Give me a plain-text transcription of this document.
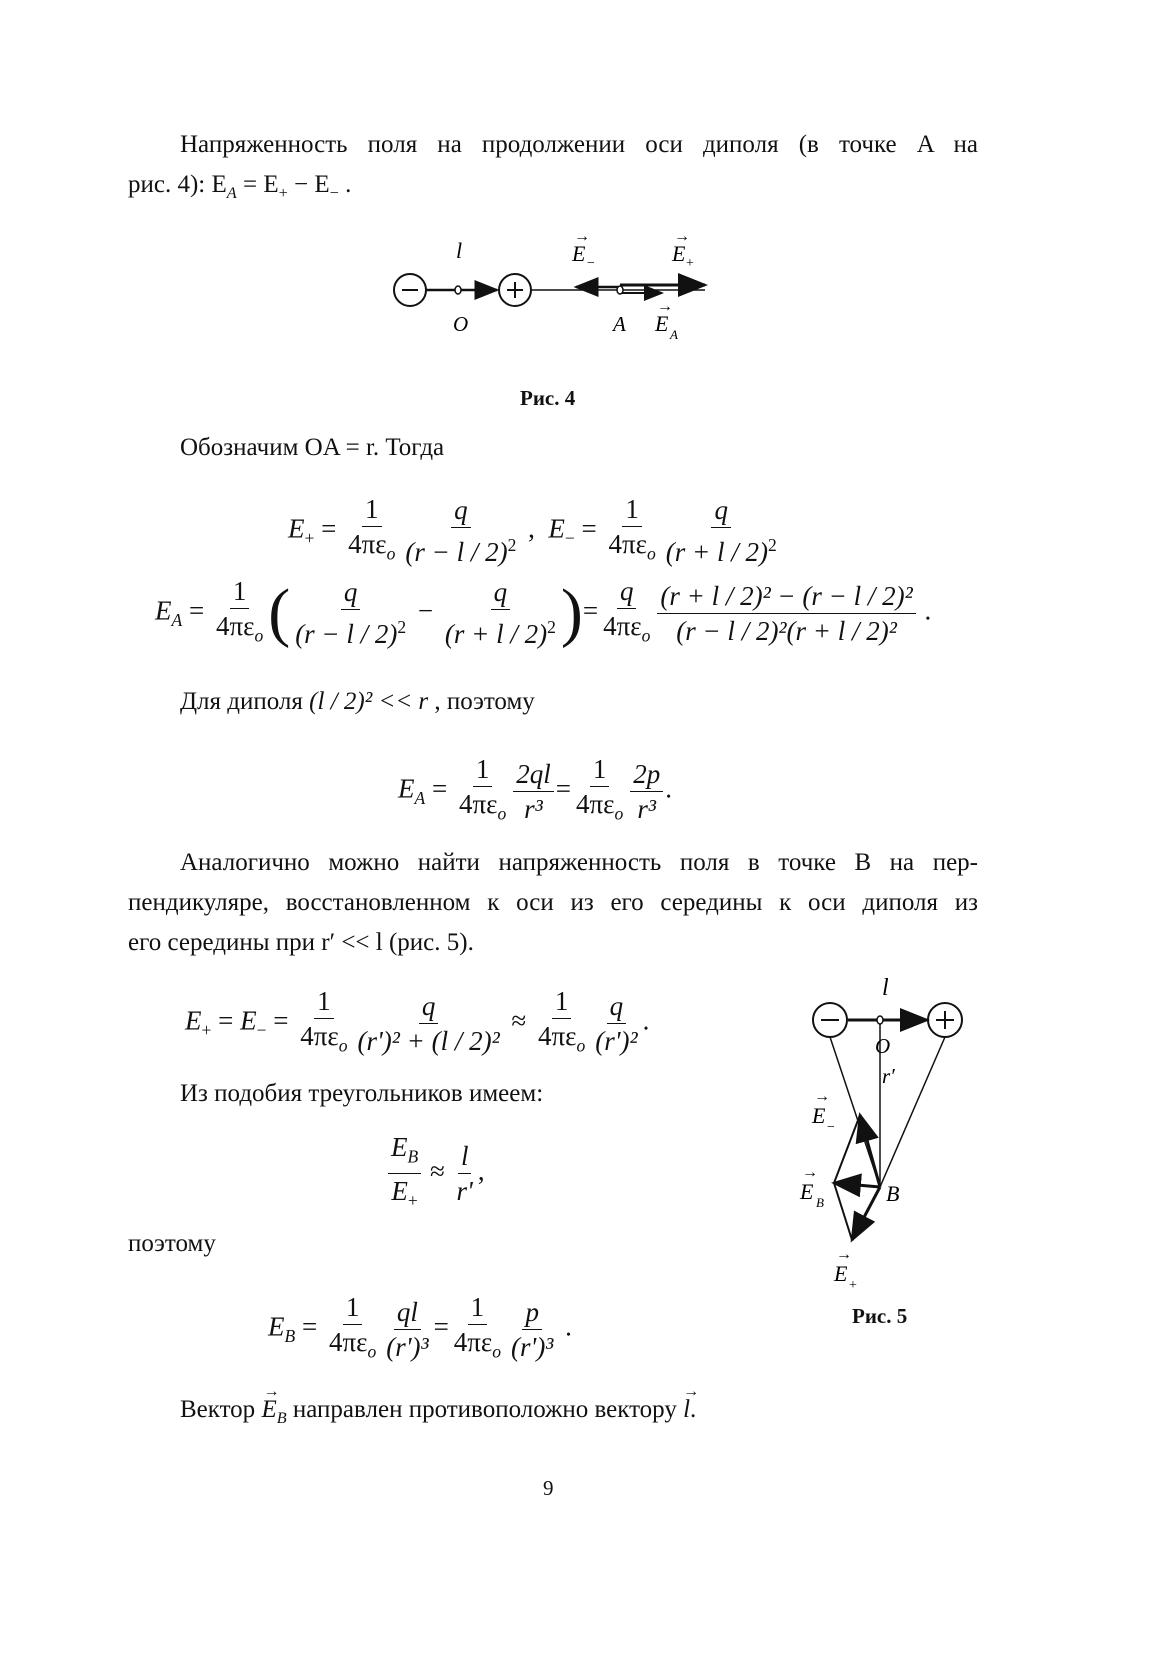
Напряженность поля на продолжении оси диполя (в точке A на
рис. 4): $E_A = E_+ - E_-$ .
l
O	A
E −
→
E +
→
E A
→
Рис. 4
Обозначим OA = r. Тогда
$E_+$ =
1
$4\pi\varepsilon_o \frac{q}{(r - l / 2)^2}$ , $E_-$ =
1
$4\pi\varepsilon_o \frac{q}{(r + l / 2)^2}$
$E_A$ =
1
$4\pi\varepsilon_o$ ( $\frac{q}{(r - l / 2)^2} - \frac{q}{(r + l / 2)^2}$ )=
q
$4\pi\varepsilon_o \frac{\text{(r + l / 2)² − (r − l / 2)²}}{\text{(r − l / 2)²(r + l / 2)²}}$ .
Для диполя (l / 2)² << r , поэтому
$E_A$ =
1
$4\pi\varepsilon_o \frac{2ql}{\text{r³}}$ =
1
$4\pi\varepsilon_o \frac{2p}{\text{r³}}$ .
Аналогично можно найти напряженность поля в точке B на пер-
пендикуляре, восстановленном к оси из его середины к оси диполя из
его середины при r′ << l (рис. 5).
$E_+ = E_-$ =
1
$4\pi\varepsilon_o \frac{q}{\text{(r')² + (l / 2)²}}$ ≈
1
$4\pi\varepsilon_o \frac{q}{\text{(r')²}}$ .
Из подобия треугольников имеем:
$\frac{E_B}{E_+} \approx \frac{l}{r'}$ ,
поэтому
$E_B$ =
1
$4\pi\varepsilon_o \frac{ql}{\text{(r')³}}$ =
1
$4\pi\varepsilon_o \frac{p}{\text{(r')³}}$ .
Вектор
→
$E_B$ направлен противоположно вектору
→
l.
l
O
r′
B
→
E −
→
E B
→
E +
Рис. 5
9
